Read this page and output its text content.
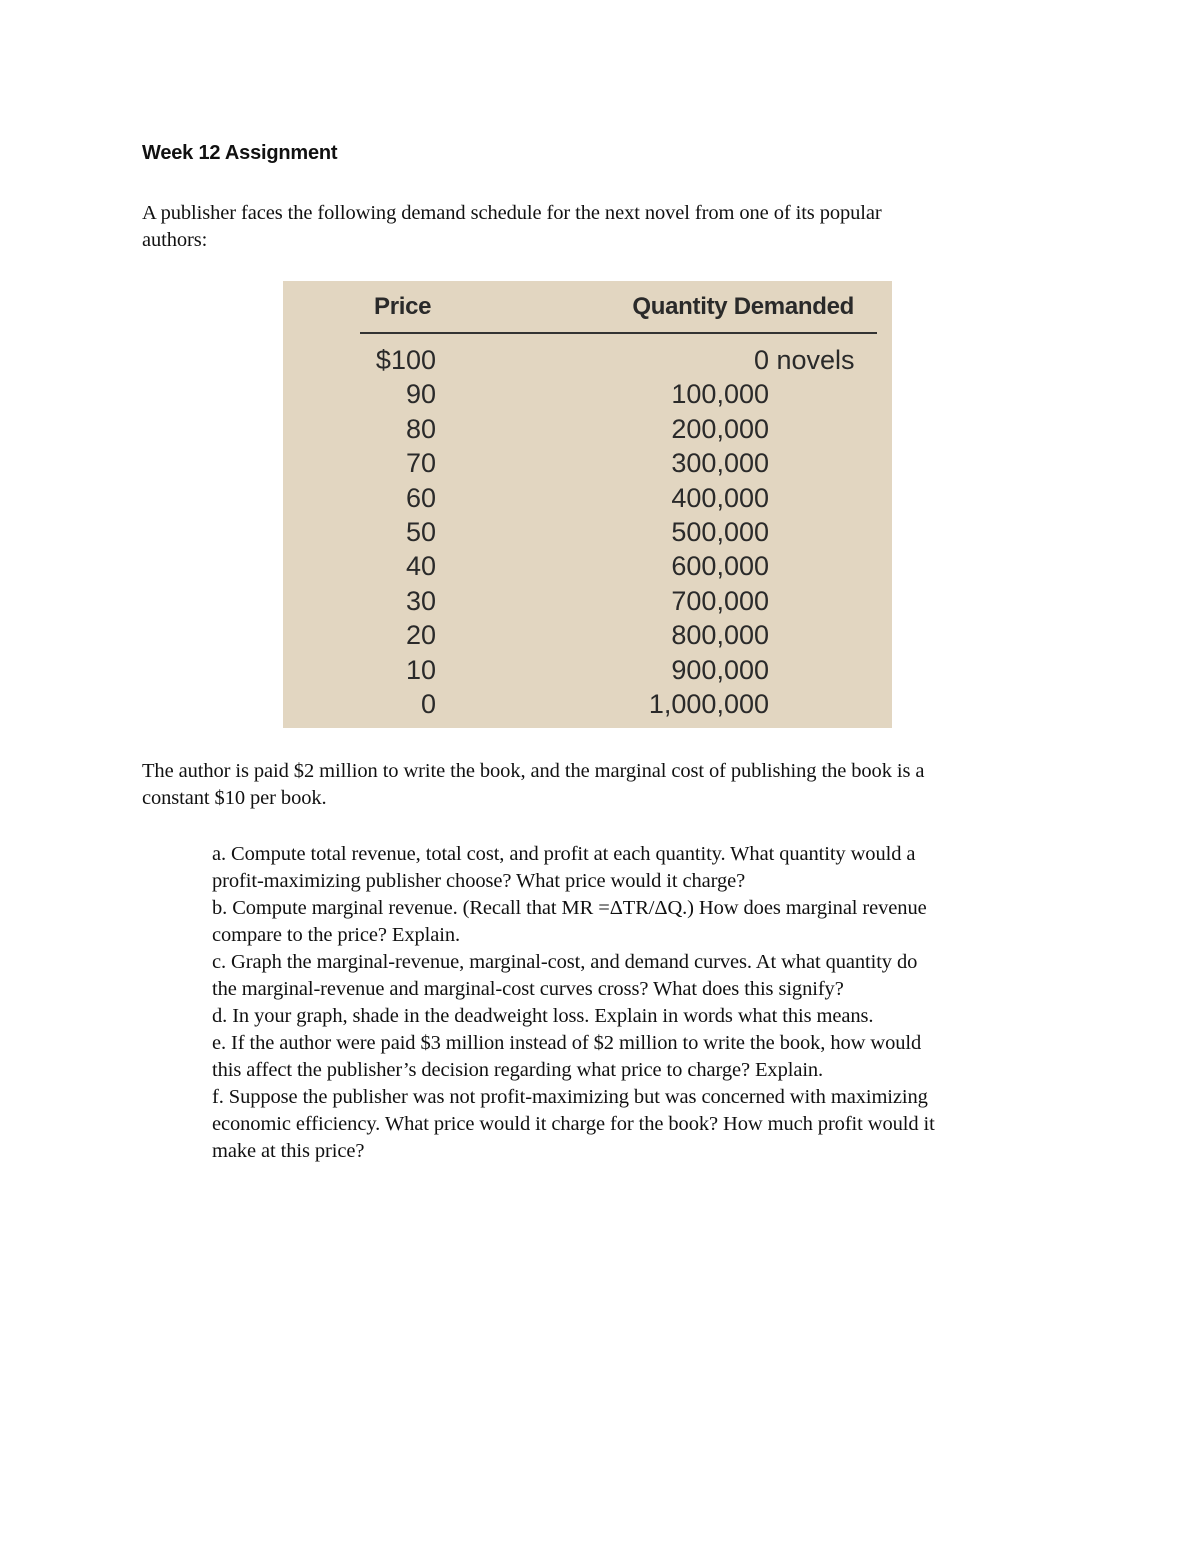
Week 12 Assignment
A publisher faces the following demand schedule for the next novel from one of its popular
authors:
Price	Quantity Demanded
$100	0 novels
90	100,000
80	200,000
70	300,000
60	400,000
50	500,000
40	600,000
30	700,000
20	800,000
10	900,000
0	1,000,000
The author is paid $2 million to write the book, and the marginal cost of publishing the book is a
constant $10 per book.
a. Compute total revenue, total cost, and profit at each quantity. What quantity would a
profit-maximizing publisher choose? What price would it charge?
b. Compute marginal revenue. (Recall that MR =ΔTR/ΔQ.) How does marginal revenue
compare to the price? Explain.
c. Graph the marginal-revenue, marginal-cost, and demand curves. At what quantity do
the marginal-revenue and marginal-cost curves cross? What does this signify?
d. In your graph, shade in the deadweight loss. Explain in words what this means.
e. If the author were paid $3 million instead of $2 million to write the book, how would
this affect the publisher’s decision regarding what price to charge? Explain.
f. Suppose the publisher was not profit-maximizing but was concerned with maximizing
economic efficiency. What price would it charge for the book? How much profit would it
make at this price?
